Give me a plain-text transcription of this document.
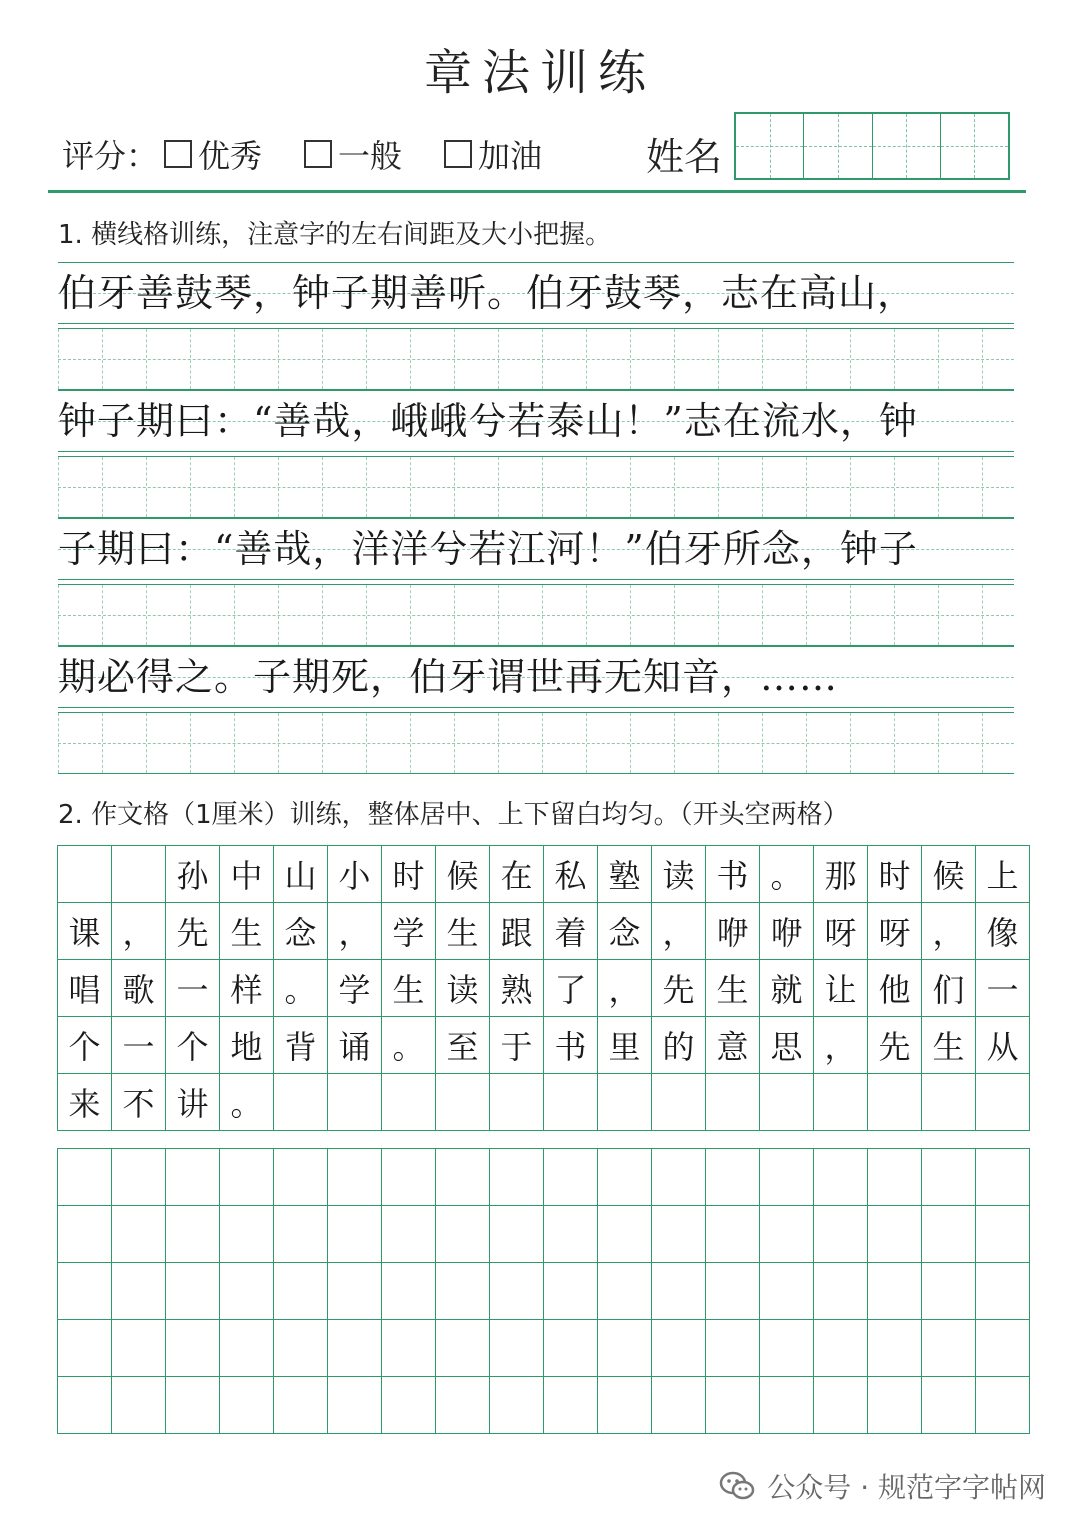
章法训练
评分： 优秀 一般 加油	姓名
1. 横线格训练，注意字的左右间距及大小把握。
伯牙善鼓琴，钟子期善听。伯牙鼓琴，志在高山，
钟子期曰：“善哉，峨峨兮若泰山！”志在流水，钟
子期曰：“善哉，洋洋兮若江河！”伯牙所念，钟子
期必得之。子期死，伯牙谓世再无知音，……
2. 作文格（1厘米）训练，整体居中、上下留白均匀。（开头空两格）
		孙	中	山	小	时	候	在	私	塾	读	书	。	那	时	候	上
课	，	先	生	念	，	学	生	跟	着	念	，	咿	咿	呀	呀	，	像
唱	歌	一	样	。	学	生	读	熟	了	，	先	生	就	让	他	们	一
个	一	个	地	背	诵	。	至	于	书	里	的	意	思	，	先	生	从
来	不	讲	。														

公众号 · 规范字字帖网
